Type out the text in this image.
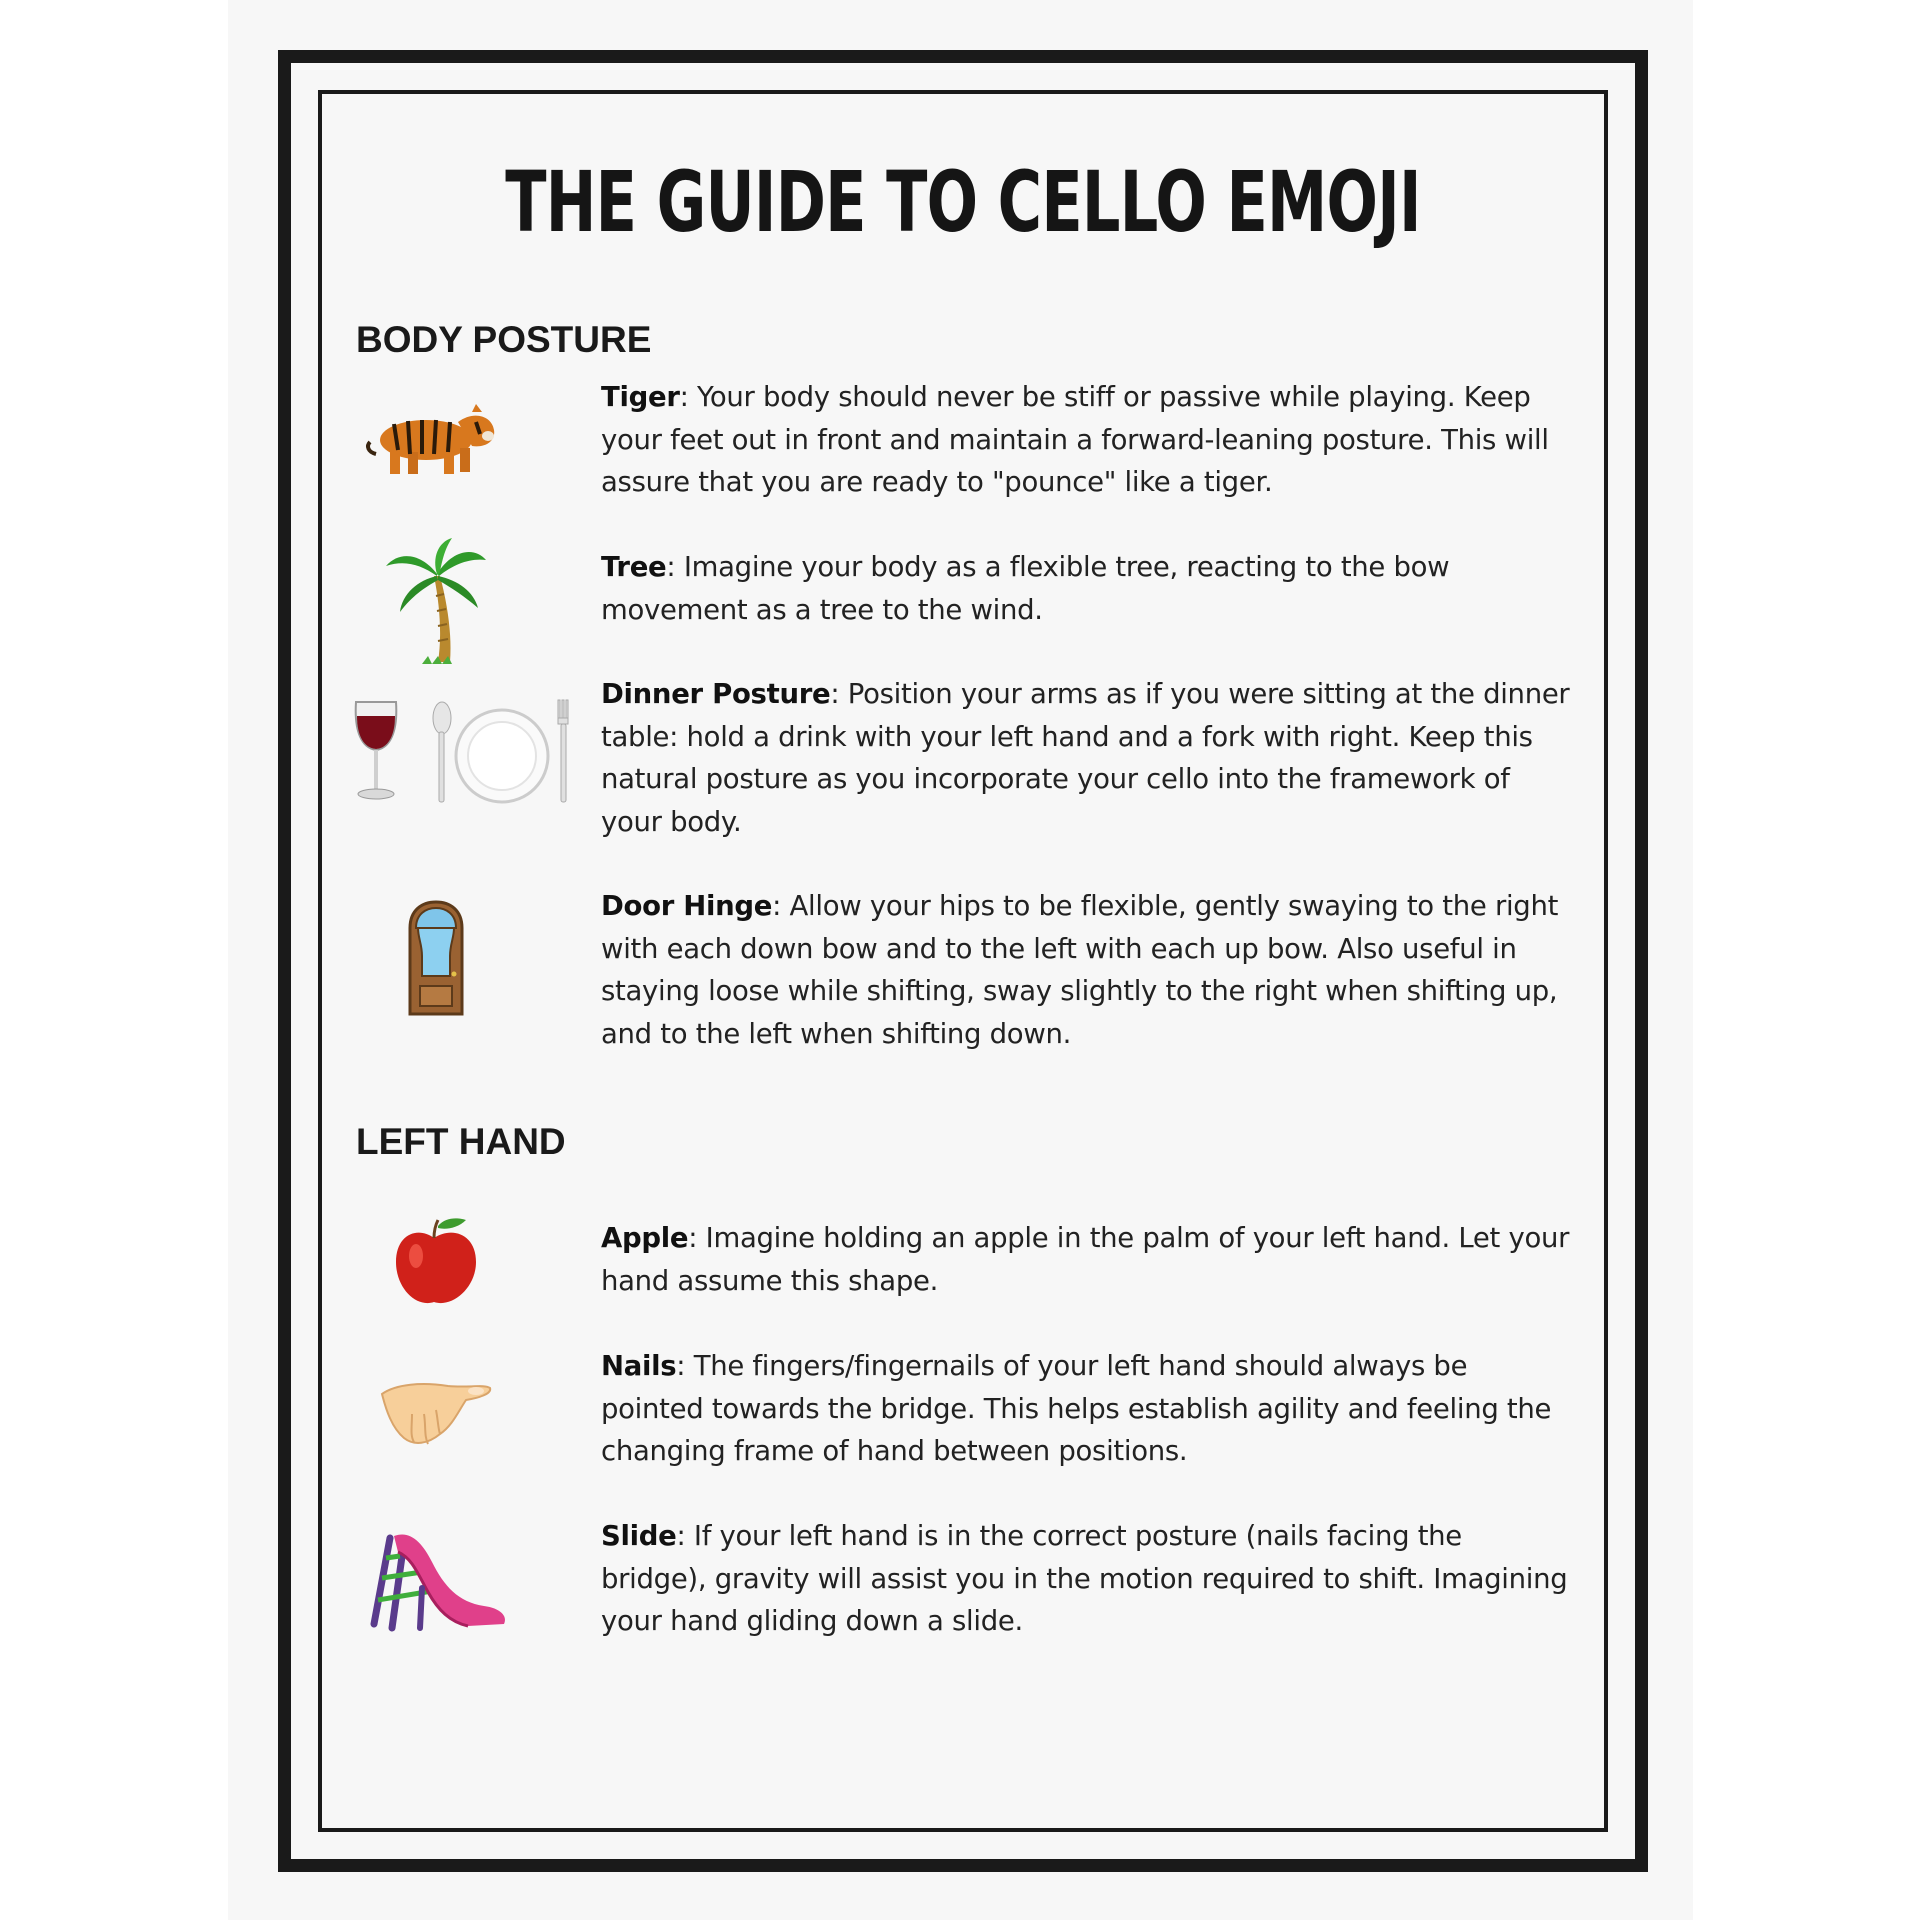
THE GUIDE TO CELLO EMOJI
BODY POSTURE
Tiger: Your body should never be stiff or passive while playing. Keep your feet out in front and maintain a forward-leaning posture. This will assure that you are ready to "pounce" like a tiger.
Tree: Imagine your body as a flexible tree, reacting to the bow movement as a tree to the wind.
Dinner Posture: Position your arms as if you were sitting at the dinner table: hold a drink with your left hand and a fork with right. Keep this natural posture as you incorporate your cello into the framework of your body.
Door Hinge: Allow your hips to be flexible, gently swaying to the right with each down bow and to the left with each up bow. Also useful in staying loose while shifting, sway slightly to the right when shifting up, and to the left when shifting down.
LEFT HAND
Apple: Imagine holding an apple in the palm of your left hand. Let your hand assume this shape.
Nails: The fingers/fingernails of your left hand should always be pointed towards the bridge. This helps establish agility and feeling the changing frame of hand between positions.
Slide: If your left hand is in the correct posture (nails facing the bridge), gravity will assist you in the motion required to shift. Imagining your hand gliding down a slide.
